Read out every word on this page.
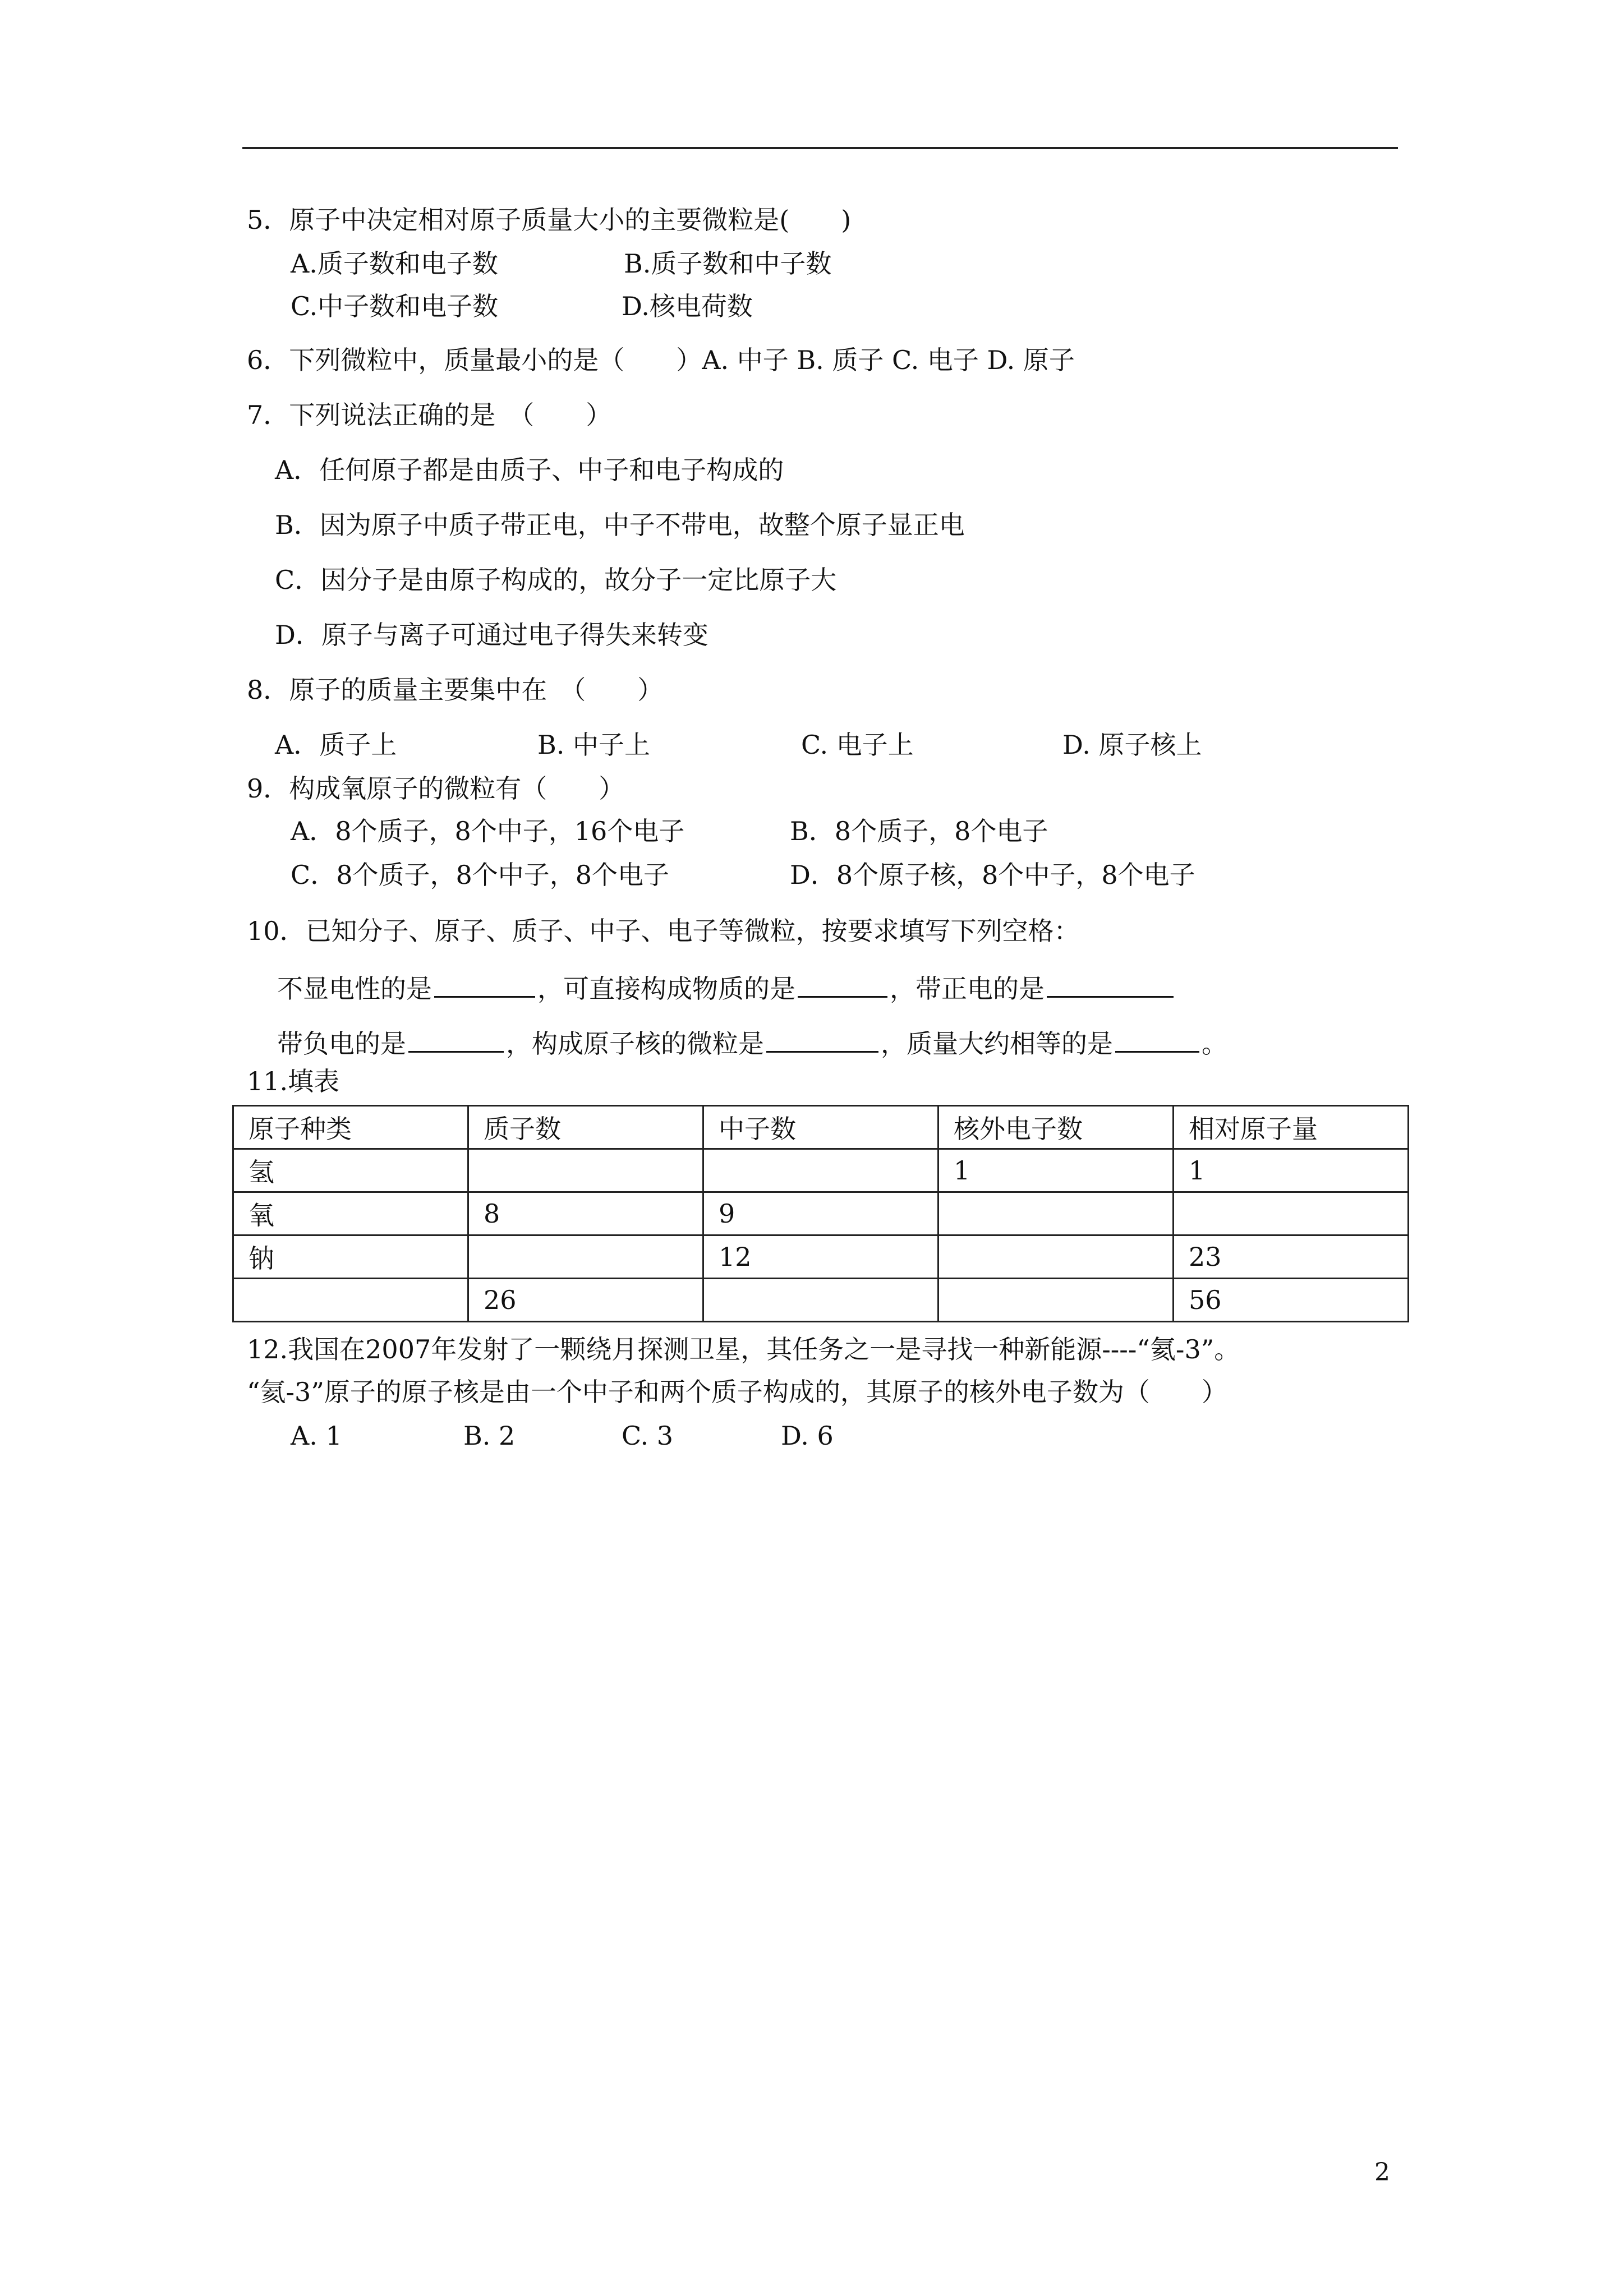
5．原子中决定相对原子质量大小的主要微粒是(　　)
A.质子数和电子数	B.质子数和中子数
C.中子数和电子数	D.核电荷数
6．下列微粒中，质量最小的是（　　）A. 中子 B. 质子 C. 电子 D. 原子
7．下列说法正确的是　（　　）
A．任何原子都是由质子、中子和电子构成的
B．因为原子中质子带正电，中子不带电，故整个原子显正电
C．因分子是由原子构成的，故分子一定比原子大
D．原子与离子可通过电子得失来转变
8．原子的质量主要集中在　（　　）
A．质子上	B. 中子上	C. 电子上	D. 原子核上
9．构成氧原子的微粒有（　　）
A．8个质子，8个中子，16个电子	B．8个质子，8个电子
C．8个质子，8个中子，8个电子	D．8个原子核，8个中子，8个电子
10．已知分子、原子、质子、中子、电子等微粒，按要求填写下列空格：
不显电性的是	，可直接构成物质的是	，带正电的是
带负电的是	，构成原子核的微粒是	，质量大约相等的是	。
11.填表
原子种类	质子数	中子数	核外电子数	相对原子量
氢			1	1
氧	8	9		
钠		12		23
	26			56
12.我国在2007年发射了一颗绕月探测卫星，其任务之一是寻找一种新能源----“氦-3”。
“氦-3”原子的原子核是由一个中子和两个质子构成的，其原子的核外电子数为（　　）
A. 1	B. 2	C. 3	D. 6
2
